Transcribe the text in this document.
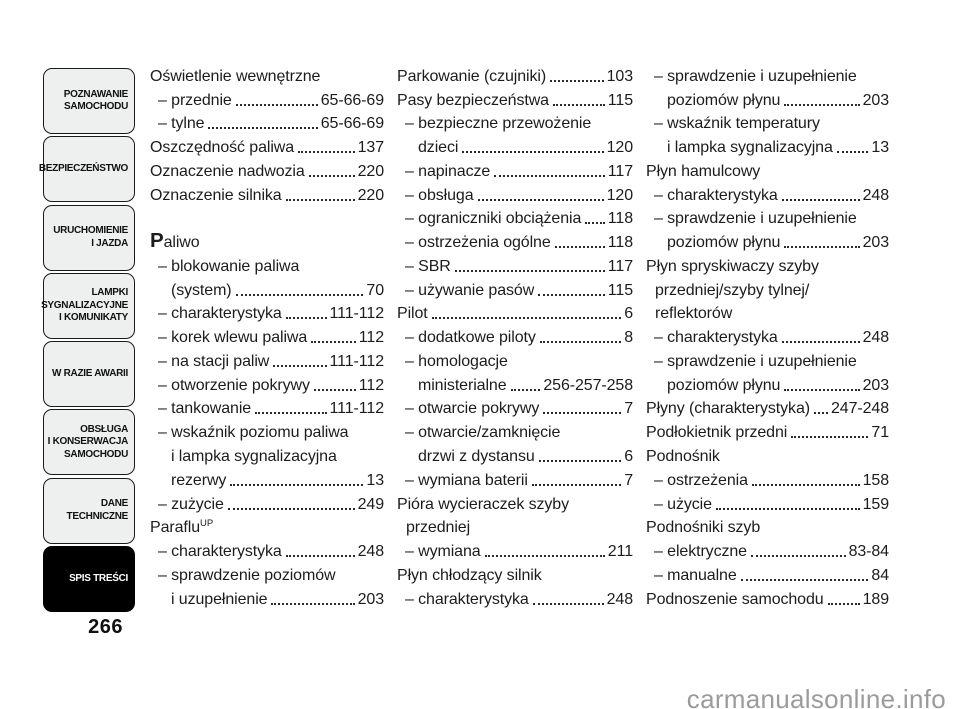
POZNAWANIE
SAMOCHODU
BEZPIECZEŃSTWO
URUCHOMIENIE
I JAZDA
LAMPKI
SYGNALIZACYJNE
I KOMUNIKATY
W RAZIE AWARII
OBSŁUGA
I KONSERWACJA
SAMOCHODU
DANE
TECHNICZNE
SPIS TREŚCI
266
Oświetlenie wewnętrzne
– przednie	65-66-69
– tylne	65-66-69
Oszczędność paliwa	137
Oznaczenie nadwozia	220
Oznaczenie silnika	220
Paliwo
– blokowanie paliwa
(system)	70
– charakterystyka	111-112
– korek wlewu paliwa	112
– na stacji paliw	111-112
– otworzenie pokrywy	112
– tankowanie	111-112
– wskaźnik poziomu paliwa
i lampka sygnalizacyjna
rezerwy	13
– zużycie	249
Paraflu$^{UP}$
– charakterystyka	248
– sprawdzenie poziomów
i uzupełnienie	203
Parkowanie (czujniki)	103
Pasy bezpieczeństwa	115
– bezpieczne przewożenie
dzieci	120
– napinacze	117
– obsługa	120
– ograniczniki obciążenia 118
– ostrzeżenia ogólne	118
– SBR	117
– używanie pasów	115
Pilot	6
– dodatkowe piloty	8
– homologacje
ministerialne 256-257-258
– otwarcie pokrywy	7
– otwarcie/zamknięcie
drzwi z dystansu	6
– wymiana baterii	7
Pióra wycieraczek szyby
przedniej
– wymiana	211
Płyn chłodzący silnik
– charakterystyka	248
– sprawdzenie i uzupełnienie
poziomów płynu	203
– wskaźnik temperatury
i lampka sygnalizacyjna 13
Płyn hamulcowy
– charakterystyka	248
– sprawdzenie i uzupełnienie
poziomów płynu	203
Płyn spryskiwaczy szyby
przedniej/szyby tylnej/
reflektorów
– charakterystyka	248
– sprawdzenie i uzupełnienie
poziomów płynu	203
Płyny (charakterystyka) 247-248
Podłokietnik przedni	71
Podnośnik
– ostrzeżenia	158
– użycie	159
Podnośniki szyb
– elektryczne	83-84
– manualne	84
Podnoszenie samochodu 189
carmanualsonline.info
